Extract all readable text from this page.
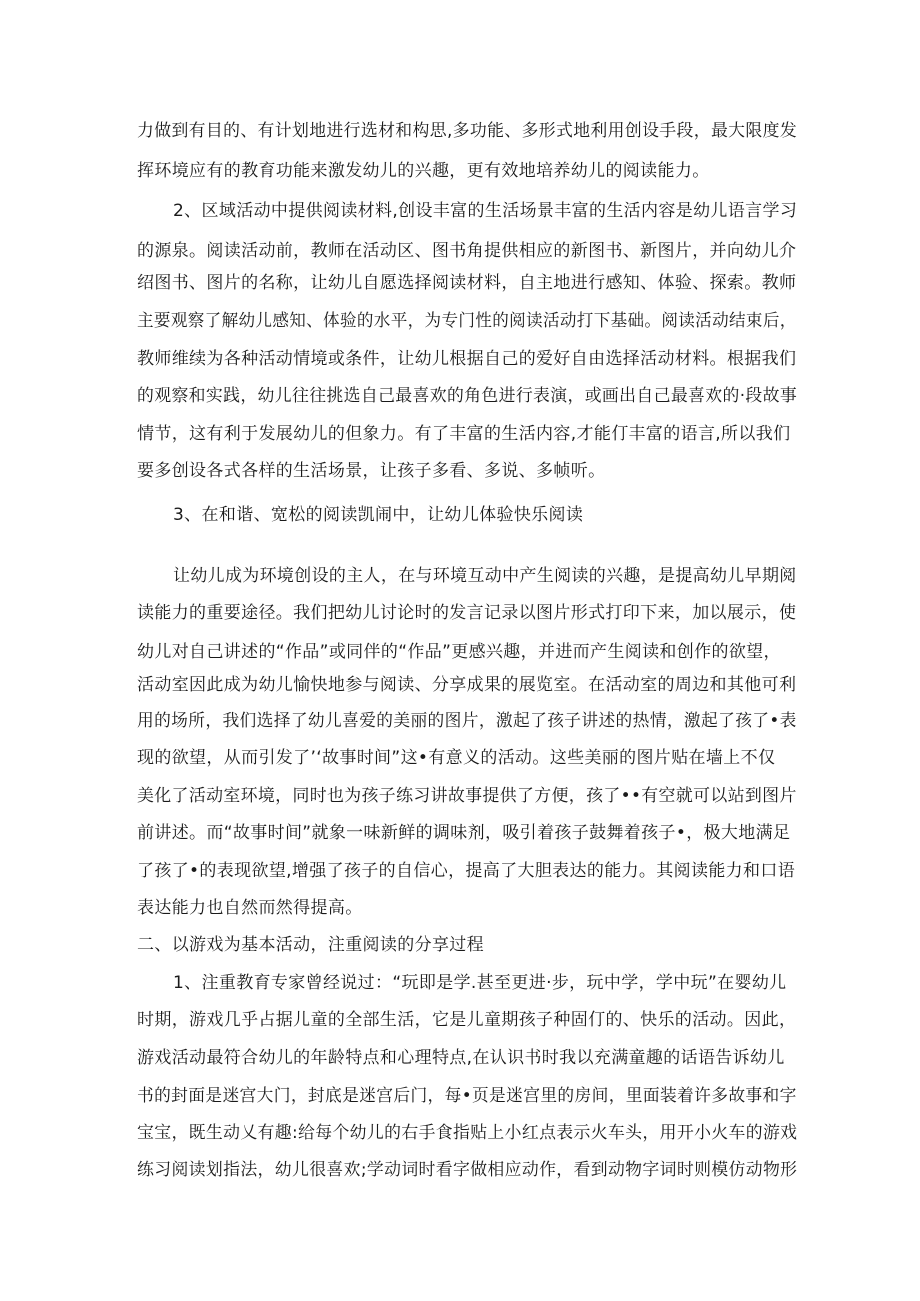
力做到有目的、有计划地进行选材和构思,多功能、多形式地利用创设手段，最大限度发
挥环境应有的教育功能来激发幼儿的兴趣，更有效地培养幼儿的阅读能力。
2、区域活动中提供阅读材料,创设丰富的生活场景丰富的生活内容是幼儿语言学习
的源泉。阅读活动前，教师在活动区、图书角提供相应的新图书、新图片，并向幼儿介
绍图书、图片的名称，让幼儿自愿选择阅读材料，自主地进行感知、体验、探索。教师
主要观察了解幼儿感知、体验的水平，为专门性的阅读活动打下基础。阅读活动结束后，
教师维续为各种活动情境或条件，让幼儿根据自己的爱好自由选择活动材料。根据我们
的观察和实践，幼儿往往挑选自己最喜欢的角色进行表演，或画出自己最喜欢的·段故事
情节，这有利于发展幼儿的但象力。有了丰富的生活内容,才能仃丰富的语言,所以我们
要多创设各式各样的生活场景，让孩子多看、多说、多帧听。
3、在和谐、宽松的阅读凯闹中，让幼儿体验快乐阅读
让幼儿成为环境创设的主人，在与环境互动中产生阅读的兴趣，是提高幼儿早期阅
读能力的重要途径。我们把幼儿讨论时的发言记录以图片形式打印下来，加以展示，使
幼儿对自己讲述的“作品”或同伴的“作品”更感兴趣，并进而产生阅读和创作的欲望，
活动室因此成为幼儿愉快地参与阅读、分享成果的展览室。在活动室的周边和其他可利
用的场所，我们选择了幼儿喜爱的美丽的图片，激起了孩子讲述的热情，激起了孩了•表
现的欲望，从而引发了’‘故事时间”这•有意义的活动。这些美丽的图片贴在墙上不仅
美化了活动室环境，同时也为孩子练习讲故事提供了方便，孩了••有空就可以站到图片
前讲述。而“故事时间”就象一味新鲜的调味剂，吸引着孩子鼓舞着孩子•，极大地满足
了孩了•的表现欲望,增强了孩子的自信心，提高了大胆表达的能力。其阅读能力和口语
表达能力也自然而然得提高。
二、以游戏为基本活动，注重阅读的分享过程
1、注重教育专家曾经说过：“玩即是学.甚至更进·步，玩中学，学中玩”在婴幼儿
时期，游戏几乎占据儿童的全部生活，它是儿童期孩子种固仃的、快乐的活动。因此，
游戏活动最符合幼儿的年龄特点和心理特点,在认识书时我以充满童趣的话语告诉幼儿
书的封面是迷宫大门，封底是迷宫后门，每•页是迷宫里的房间，里面装着许多故事和字
宝宝，既生动乂有趣:给每个幼儿的右手食指贴上小红点表示火车头，用开小火车的游戏
练习阅读划指法，幼儿很喜欢;学动词时看字做相应动作，看到动物字词时则模仿动物形
